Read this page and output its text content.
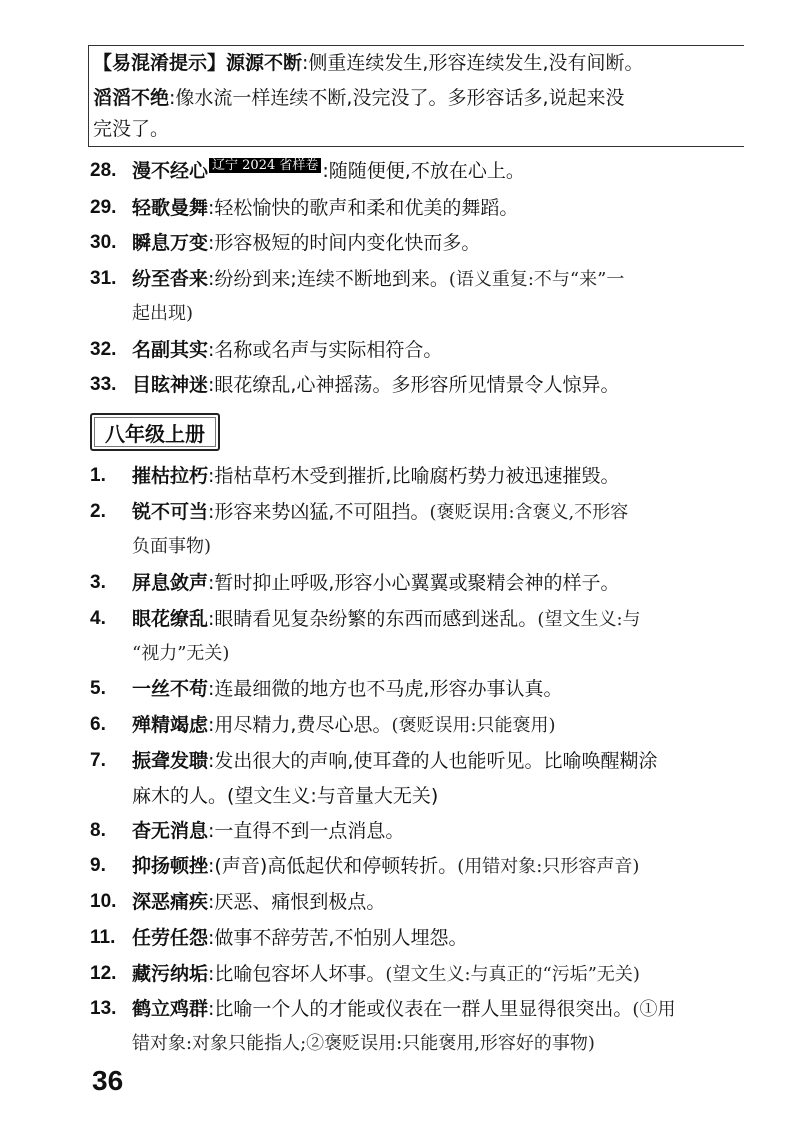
【易混淆提示】源源不断:侧重连续发生,形容连续发生,没有间断。
滔滔不绝:像水流一样连续不断,没完没了。多形容话多,说起来没
完没了。
28. 漫不经心 辽宁 2024 省样卷 :随随便便,不放在心上。
29. 轻歌曼舞:轻松愉快的歌声和柔和优美的舞蹈。
30. 瞬息万变:形容极短的时间内变化快而多。
31. 纷至沓来:纷纷到来;连续不断地到来。(语义重复:不与“来”一
起出现)
32. 名副其实:名称或名声与实际相符合。
33. 目眩神迷:眼花缭乱,心神摇荡。多形容所见情景令人惊异。
八年级上册
1. 摧枯拉朽:指枯草朽木受到摧折,比喻腐朽势力被迅速摧毁。
2. 锐不可当:形容来势凶猛,不可阻挡。(褒贬误用:含褒义,不形容
负面事物)
3. 屏息敛声:暂时抑止呼吸,形容小心翼翼或聚精会神的样子。
4. 眼花缭乱:眼睛看见复杂纷繁的东西而感到迷乱。(望文生义:与
“视力”无关)
5. 一丝不苟:连最细微的地方也不马虎,形容办事认真。
6. 殚精竭虑:用尽精力,费尽心思。(褒贬误用:只能褒用)
7. 振聋发聩:发出很大的声响,使耳聋的人也能听见。比喻唤醒糊涂
麻木的人。(望文生义:与音量大无关)
8. 杳无消息:一直得不到一点消息。
9. 抑扬顿挫:(声音)高低起伏和停顿转折。(用错对象:只形容声音)
10. 深恶痛疾:厌恶、痛恨到极点。
11. 任劳任怨:做事不辞劳苦,不怕别人埋怨。
12. 藏污纳垢:比喻包容坏人坏事。(望文生义:与真正的“污垢”无关)
13. 鹤立鸡群:比喻一个人的才能或仪表在一群人里显得很突出。(①用
错对象:对象只能指人;②褒贬误用:只能褒用,形容好的事物)
36
